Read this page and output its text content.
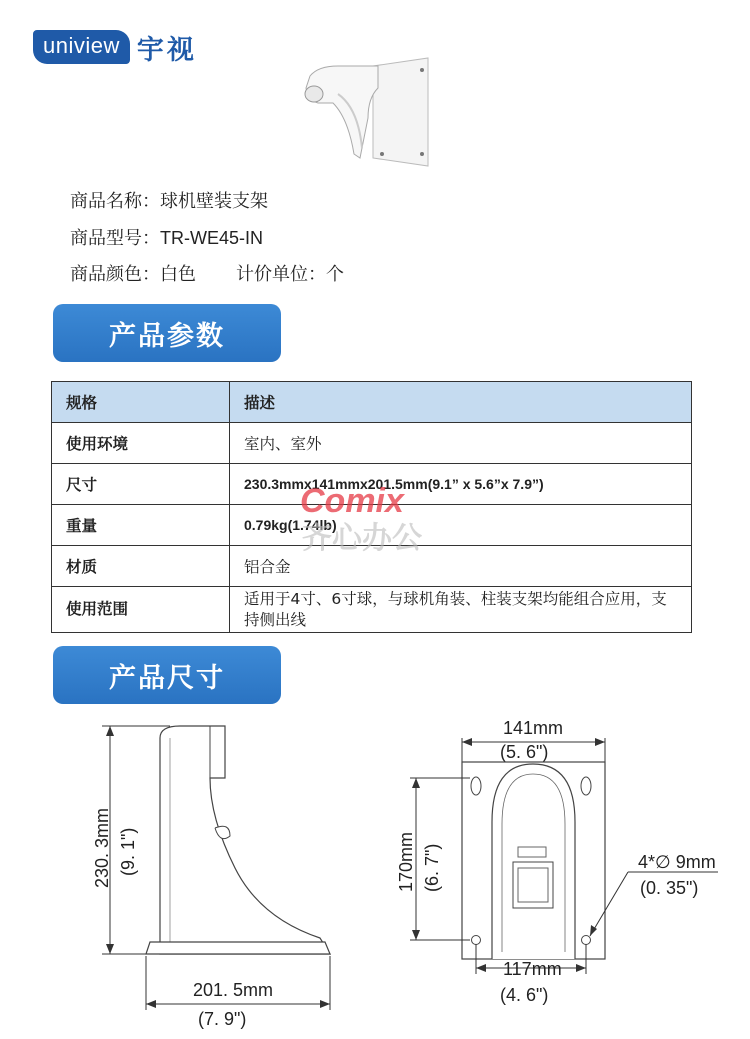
uniview 宇视
商品名称：球机壁装支架
商品型号：TR-WE45-IN
商品颜色：白色 计价单位：个
产品参数
规格	描述
使用环境	室内、室外
尺寸	230.3mmx141mmx201.5mm(9.1” x 5.6”x 7.9”)
重量	0.79kg(1.74lb)
材质	铝合金
使用范围	适用于4寸、6寸球，与球机角装、柱装支架均能组合应用，支持侧出线
Comix
齐心办公
产品尺寸
230. 3mm (9. 1")
201. 5mm
(7. 9")
141mm
(5. 6")
170mm (6. 7")
117mm
(4. 6")
4*∅ 9mm
(0. 35")
